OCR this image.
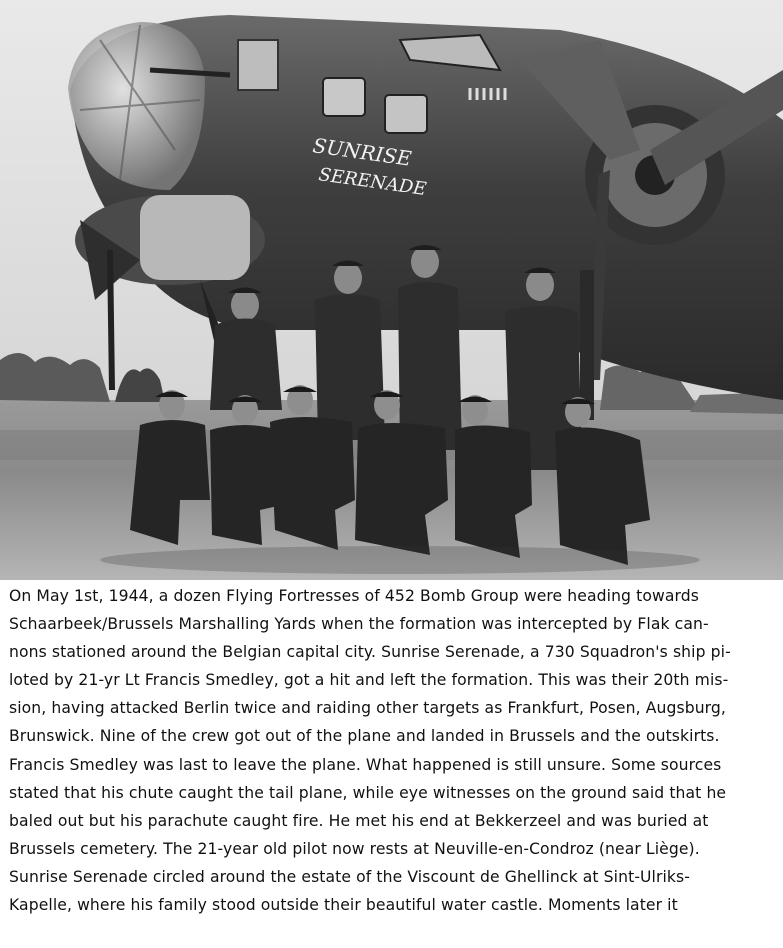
SUNRISE
SERENADE
On May 1st, 1944, a dozen Flying Fortresses of 452 Bomb Group were heading towards
Schaarbeek/Brussels Marshalling Yards when the formation was intercepted by Flak can-
nons stationed around the Belgian capital city. Sunrise Serenade, a 730 Squadron's ship pi-
loted by 21-yr Lt Francis Smedley, got a hit and left the formation. This was their 20th mis-
sion, having attacked Berlin twice and raiding other targets as Frankfurt, Posen, Augsburg,
Brunswick. Nine of the crew got out of the plane and landed in Brussels and the outskirts.
Francis Smedley was last to leave the plane. What happened is still unsure. Some sources
stated that his chute caught the tail plane, while eye witnesses on the ground said that he
baled out but his parachute caught fire. He met his end at Bekkerzeel and was buried at
Brussels cemetery. The 21-year old pilot now rests at Neuville-en-Condroz (near Liège).
Sunrise Serenade circled around the estate of the Viscount de Ghellinck at Sint-Ulriks-
Kapelle, where his family stood outside their beautiful water castle. Moments later it
